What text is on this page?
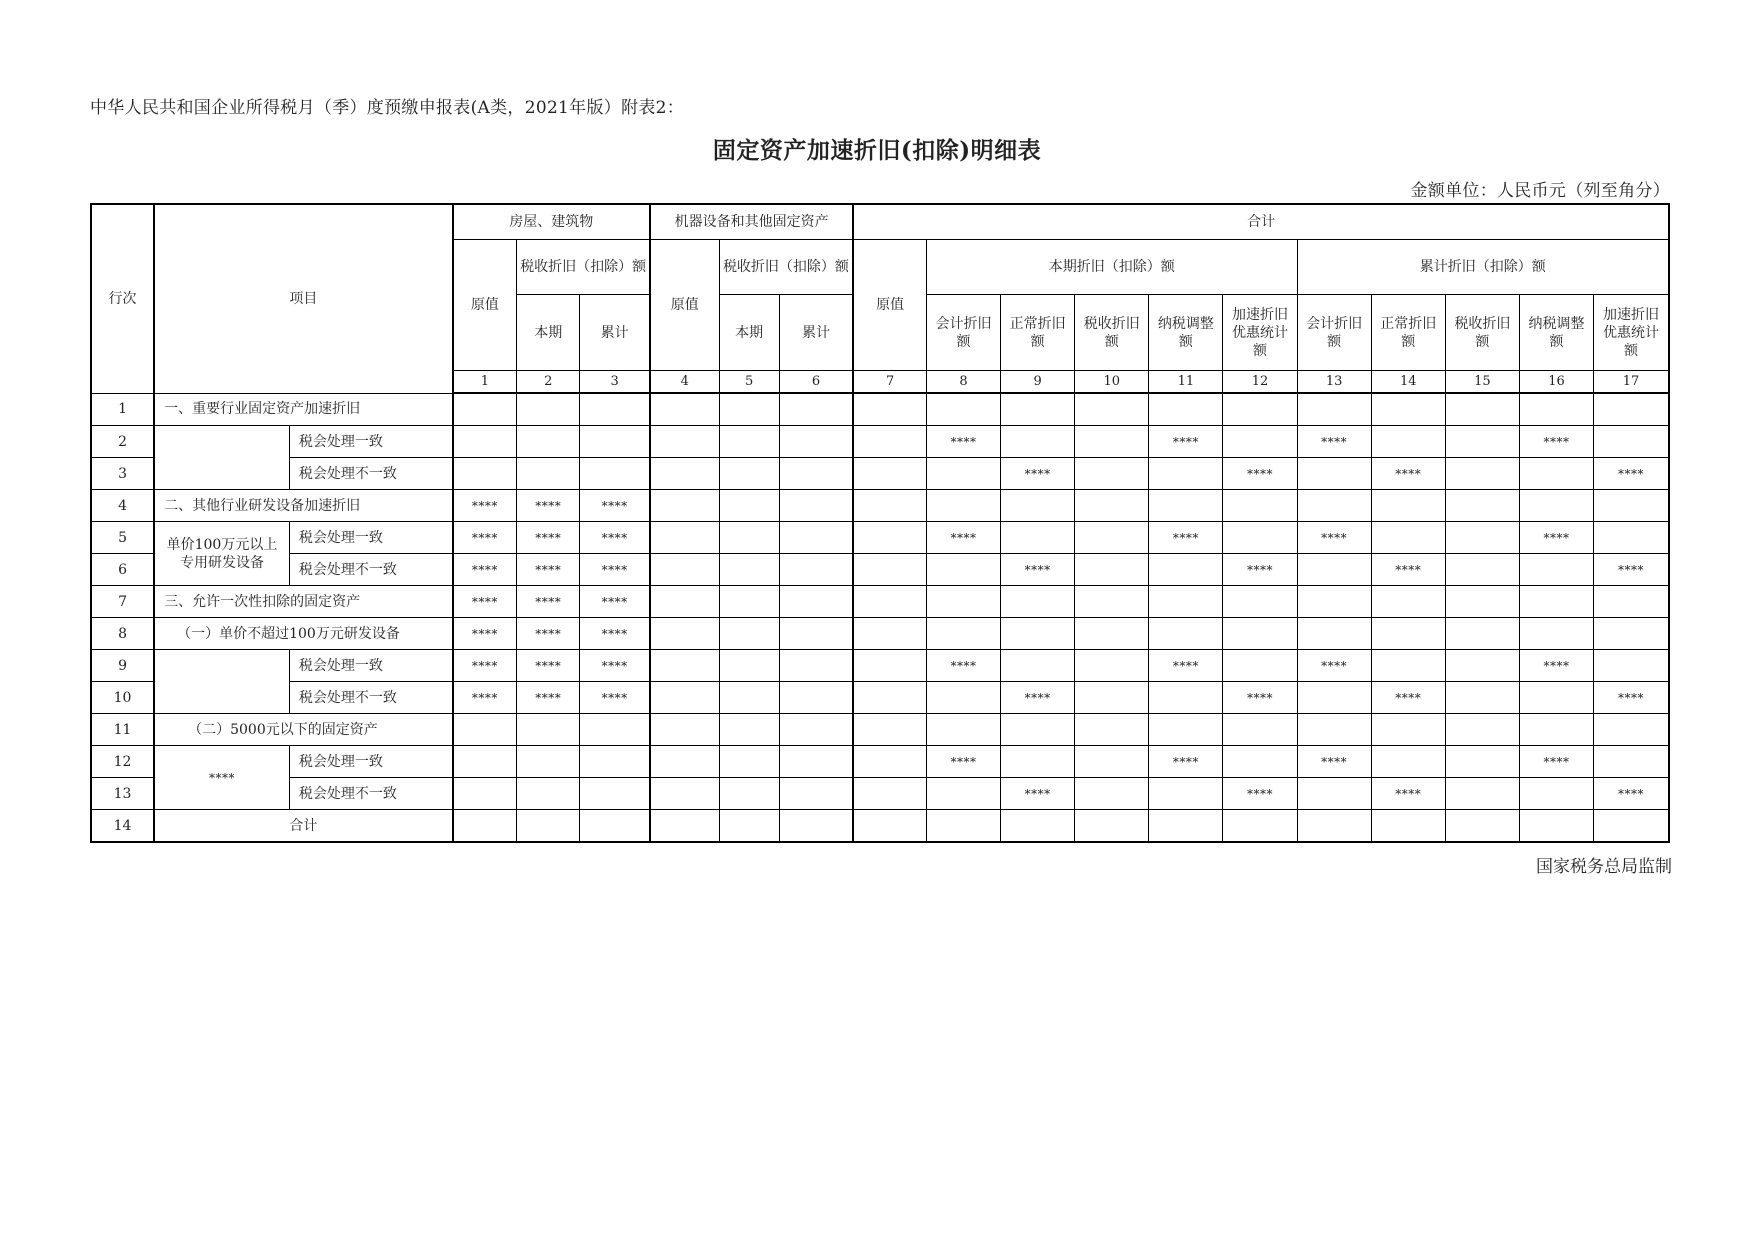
中华人民共和国企业所得税月（季）度预缴申报表(A类，2021年版）附表2：
固定资产加速折旧(扣除)明细表
金额单位：人民币元（列至角分）
行次	项目		房屋、建筑物			机器设备和其他固定资产			合计										
			原值	税收折旧（扣除）额		原值	税收折旧（扣除）额		原值	本期折旧（扣除）额					累计折旧（扣除）额				
				本期	累计		本期	累计		会计折旧额	正常折旧额	税收折旧额	纳税调整额	加速折旧优惠统计额	会计折旧额	正常折旧额	税收折旧额	纳税调整额	加速折旧优惠统计额
			1	2	3	4	5	6	7	8	9	10	11	12	13	14	15	16	17
1	一、重要行业固定资产加速折旧																		
2		税会处理一致								****			****		****			****	
3		税会处理不一致									****			****		****			****
4	二、其他行业研发设备加速折旧		****	****	****														
5	单价100万元以上专用研发设备	税会处理一致	****	****	****					****			****		****			****	
6		税会处理不一致	****	****	****						****			****		****			****
7	三、允许一次性扣除的固定资产		****	****	****														
8	（一）单价不超过100万元研发设备		****	****	****														
9		税会处理一致	****	****	****					****			****		****			****	
10		税会处理不一致	****	****	****						****			****		****			****
11	（二）5000元以下的固定资产																		
12	****	税会处理一致								****			****		****			****	
13		税会处理不一致									****			****		****			****
14	合计																		
国家税务总局监制
